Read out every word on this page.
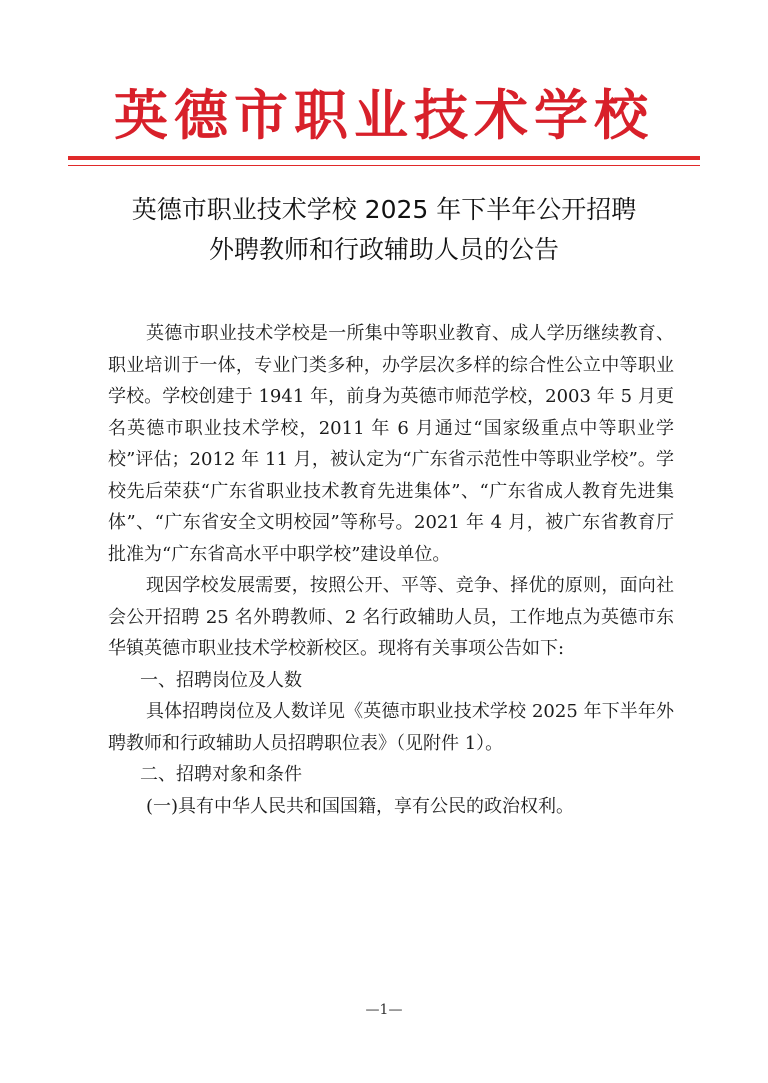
英德市职业技术学校
英德市职业技术学校 2025 年下半年公开招聘
外聘教师和行政辅助人员的公告

英德市职业技术学校是一所集中等职业教育、成人学历继续教育、职业培训于一体，专业门类多种，办学层次多样的综合性公立中等职业学校。学校创建于 1941 年，前身为英德市师范学校，2003 年 5 月更名英德市职业技术学校，2011 年 6 月通过“国家级重点中等职业学校”评估；2012 年 11 月，被认定为“广东省示范性中等职业学校”。学校先后荣获“广东省职业技术教育先进集体”、“广东省成人教育先进集体”、“广东省安全文明校园”等称号。2021 年 4 月，被广东省教育厅批准为“广东省高水平中职学校”建设单位。

现因学校发展需要，按照公开、平等、竞争、择优的原则，面向社会公开招聘 25 名外聘教师、2 名行政辅助人员，工作地点为英德市东华镇英德市职业技术学校新校区。现将有关事项公告如下:

一、招聘岗位及人数

具体招聘岗位及人数详见《英德市职业技术学校 2025 年下半年外聘教师和行政辅助人员招聘职位表》（见附件 1）。

二、招聘对象和条件

(一)具有中华人民共和国国籍，享有公民的政治权利。

—1—
